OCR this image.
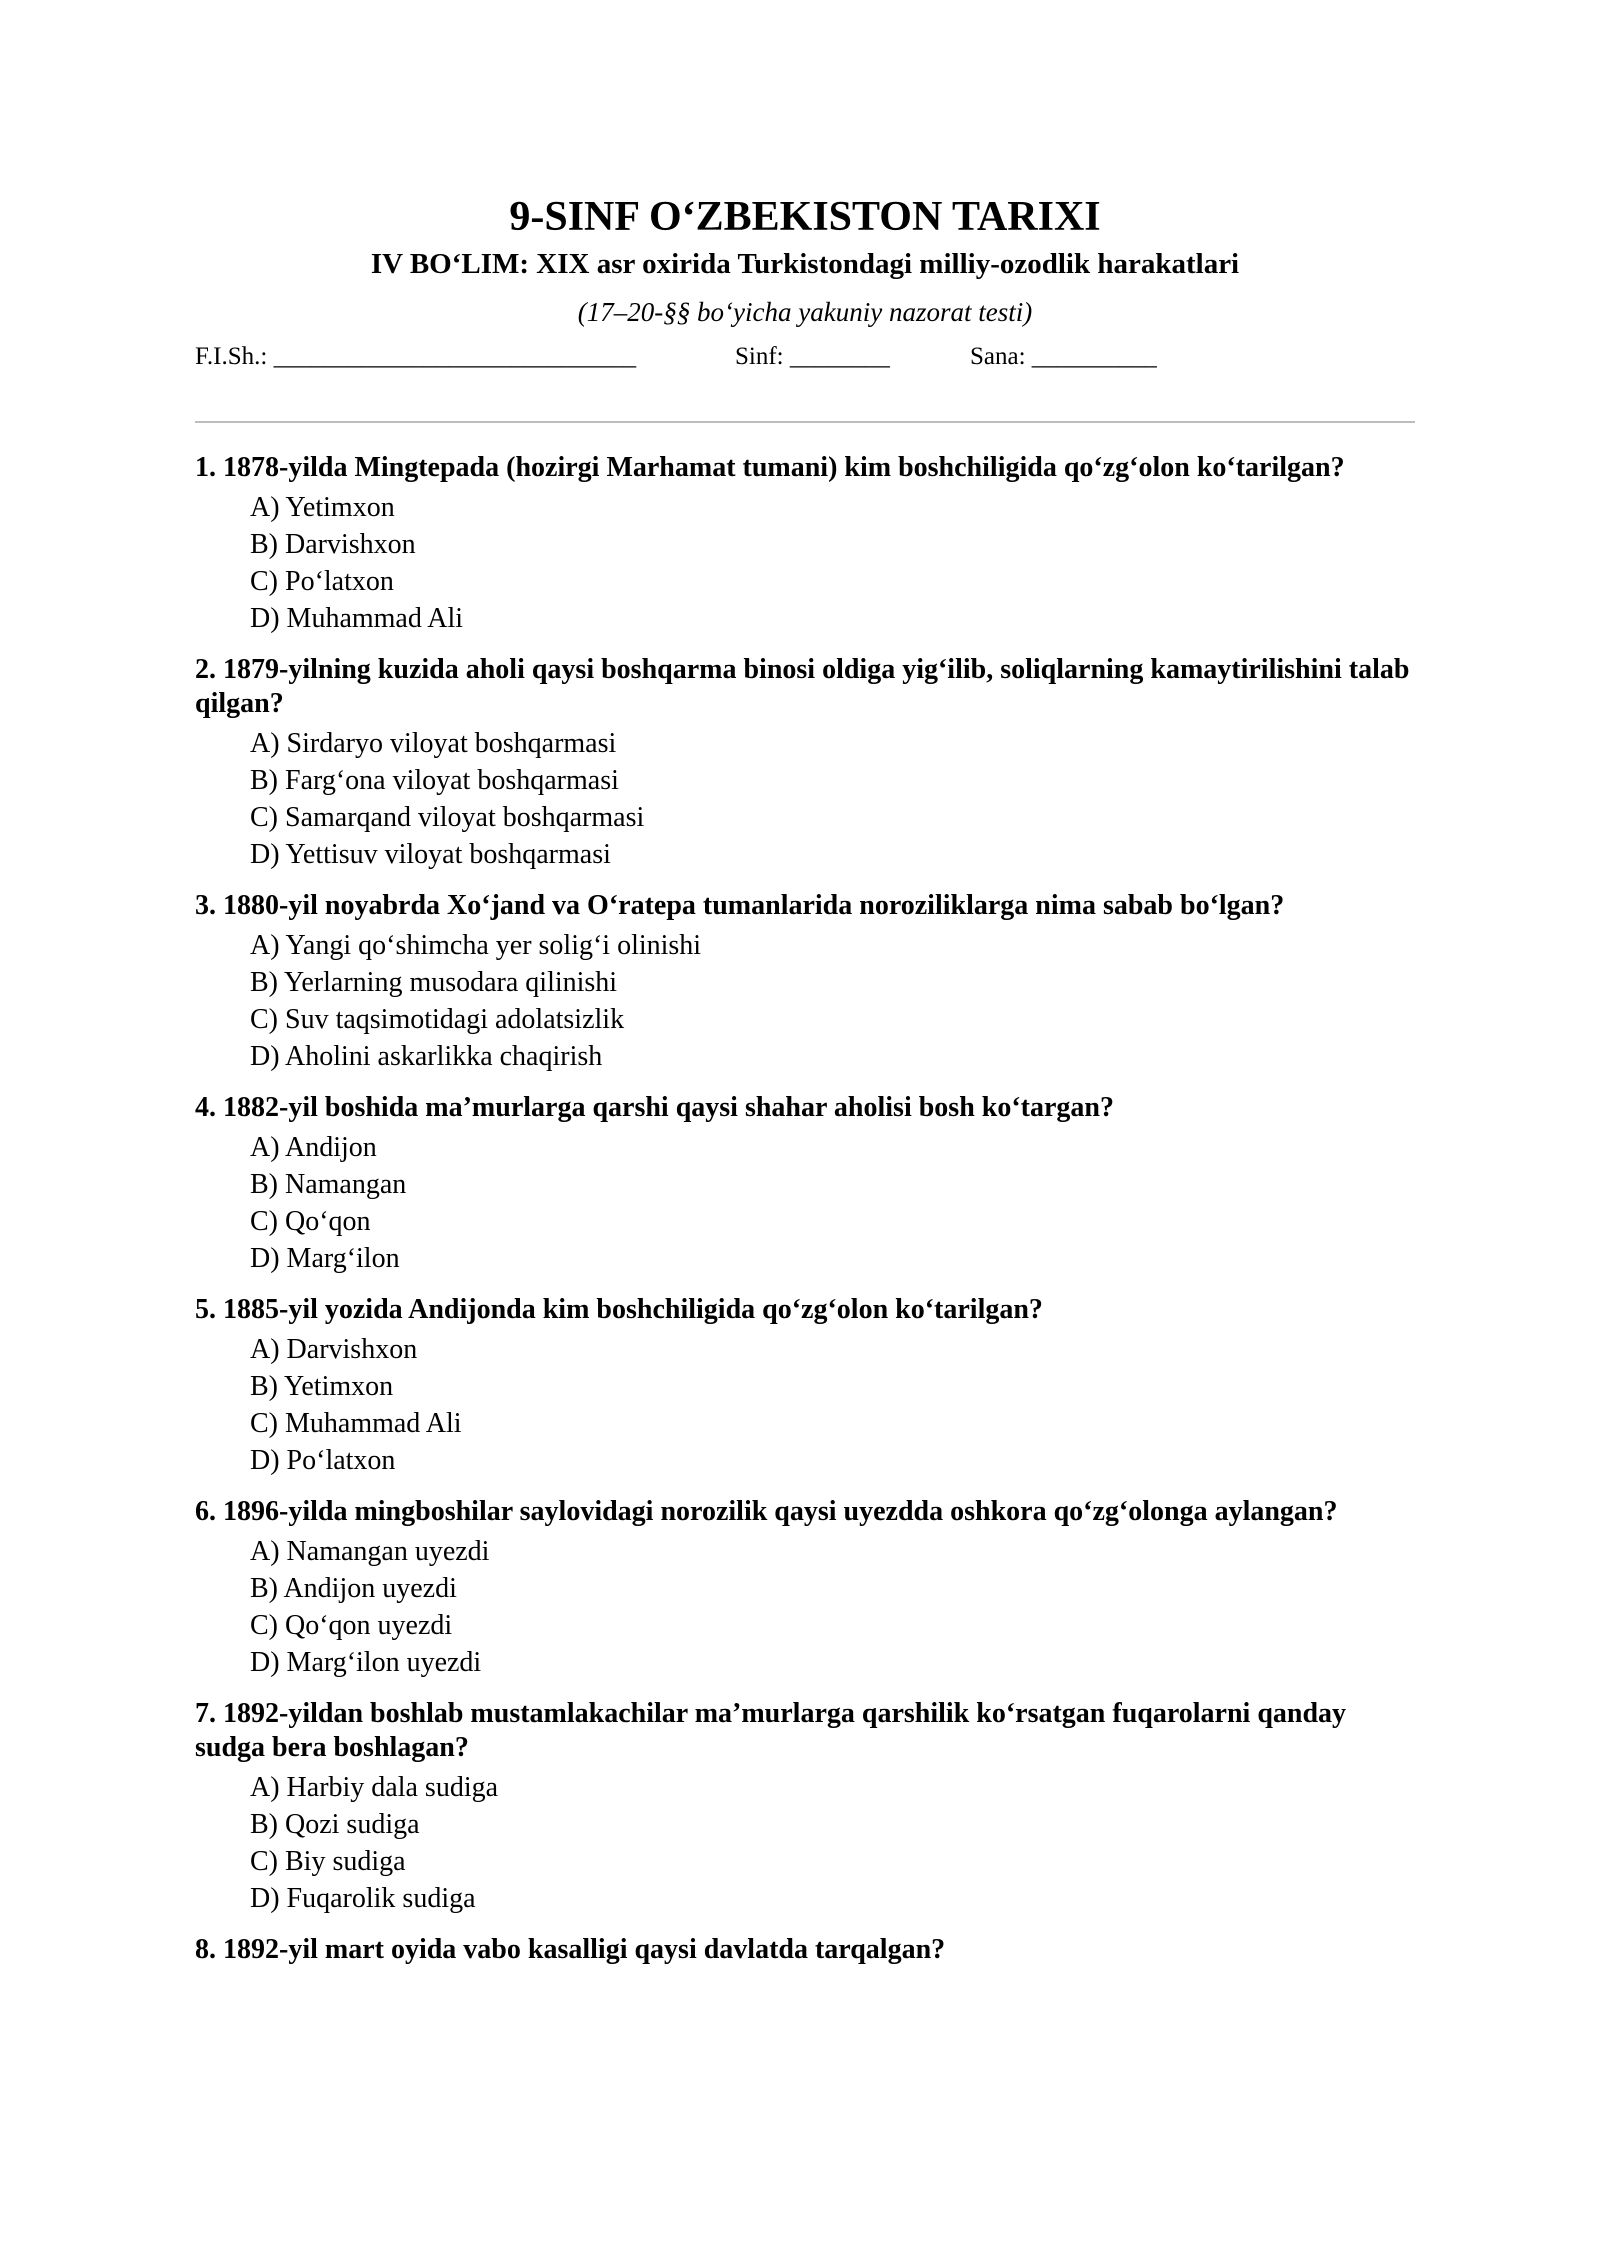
9-SINF O‘ZBEKISTON TARIXI
IV BO‘LIM: XIX asr oxirida Turkistondagi milliy-ozodlik harakatlari

(17–20-§§ bo‘yicha yakuniy nazorat testi)

F.I.Sh.: _____________________________	Sinf: ________	Sana: __________

1. 1878-yilda Mingtepada (hozirgi Marhamat tumani) kim boshchiligida qo‘zg‘olon ko‘tarilgan?

A) Yetimxon
B) Darvishxon
C) Po‘latxon
D) Muhammad Ali

2. 1879-yilning kuzida aholi qaysi boshqarma binosi oldiga yig‘ilib, soliqlarning kamaytirilishini talab qilgan?

A) Sirdaryo viloyat boshqarmasi
B) Farg‘ona viloyat boshqarmasi
C) Samarqand viloyat boshqarmasi
D) Yettisuv viloyat boshqarmasi

3. 1880-yil noyabrda Xo‘jand va O‘ratepa tumanlarida noroziliklarga nima sabab bo‘lgan?

A) Yangi qo‘shimcha yer solig‘i olinishi
B) Yerlarning musodara qilinishi
C) Suv taqsimotidagi adolatsizlik
D) Aholini askarlikka chaqirish

4. 1882-yil boshida ma’murlarga qarshi qaysi shahar aholisi bosh ko‘targan?

A) Andijon
B) Namangan
C) Qo‘qon
D) Marg‘ilon

5. 1885-yil yozida Andijonda kim boshchiligida qo‘zg‘olon ko‘tarilgan?

A) Darvishxon
B) Yetimxon
C) Muhammad Ali
D) Po‘latxon

6. 1896-yilda mingboshilar saylovidagi norozilik qaysi uyezdda oshkora qo‘zg‘olonga aylangan?

A) Namangan uyezdi
B) Andijon uyezdi
C) Qo‘qon uyezdi
D) Marg‘ilon uyezdi

7. 1892-yildan boshlab mustamlakachilar ma’murlarga qarshilik ko‘rsatgan fuqarolarni qanday sudga bera boshlagan?

A) Harbiy dala sudiga
B) Qozi sudiga
C) Biy sudiga
D) Fuqarolik sudiga

8. 1892-yil mart oyida vabo kasalligi qaysi davlatda tarqalgan?
